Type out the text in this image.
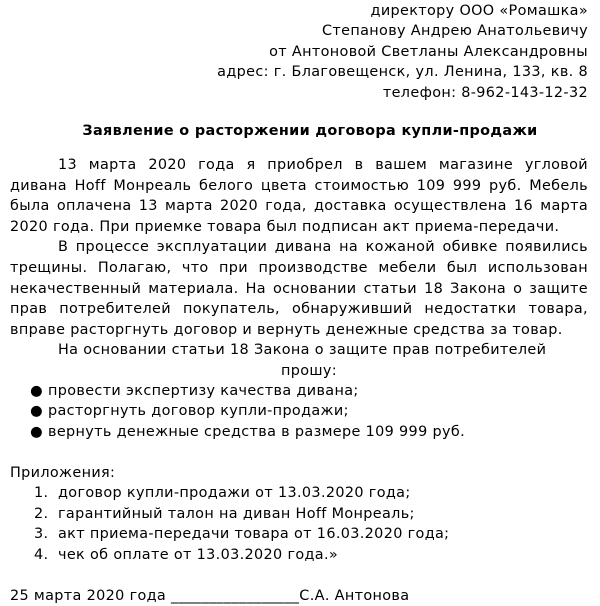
директору ООО «Ромашка»
Степанову Андрею Анатольевичу
от Антоновой Светланы Александровны
адрес: г. Благовещенск, ул. Ленина, 133, кв. 8
телефон: 8-962-143-12-32
Заявление о расторжении договора купли-продажи

13 марта 2020 года я приобрел в вашем магазине угловой дивана Hoff Монреаль белого цвета стоимостью 109 999 руб. Мебель была оплачена 13 марта 2020 года, доставка осуществлена 16 марта 2020 года. При приемке товара был подписан акт приема-передачи.

В процессе эксплуатации дивана на кожаной обивке появились трещины. Полагаю, что при производстве мебели был использован некачественный материала. На основании статьи 18 Закона о защите прав потребителей покупатель, обнаруживший недостатки товара, вправе расторгнуть договор и вернуть денежные средства за товар.

На основании статьи 18 Закона о защите прав потребителей
прошу:
● провести экспертизу качества дивана;
● расторгнуть договор купли-продажи;
● вернуть денежные средства в размере 109 999 руб.
Приложения:
1. договор купли-продажи от 13.03.2020 года;
2. гарантийный талон на диван Hoff Монреаль;
3. акт приема-передачи товара от 16.03.2020 года;
4. чек об оплате от 13.03.2020 года.»
25 марта 2020 года _________________С.А. Антонова
